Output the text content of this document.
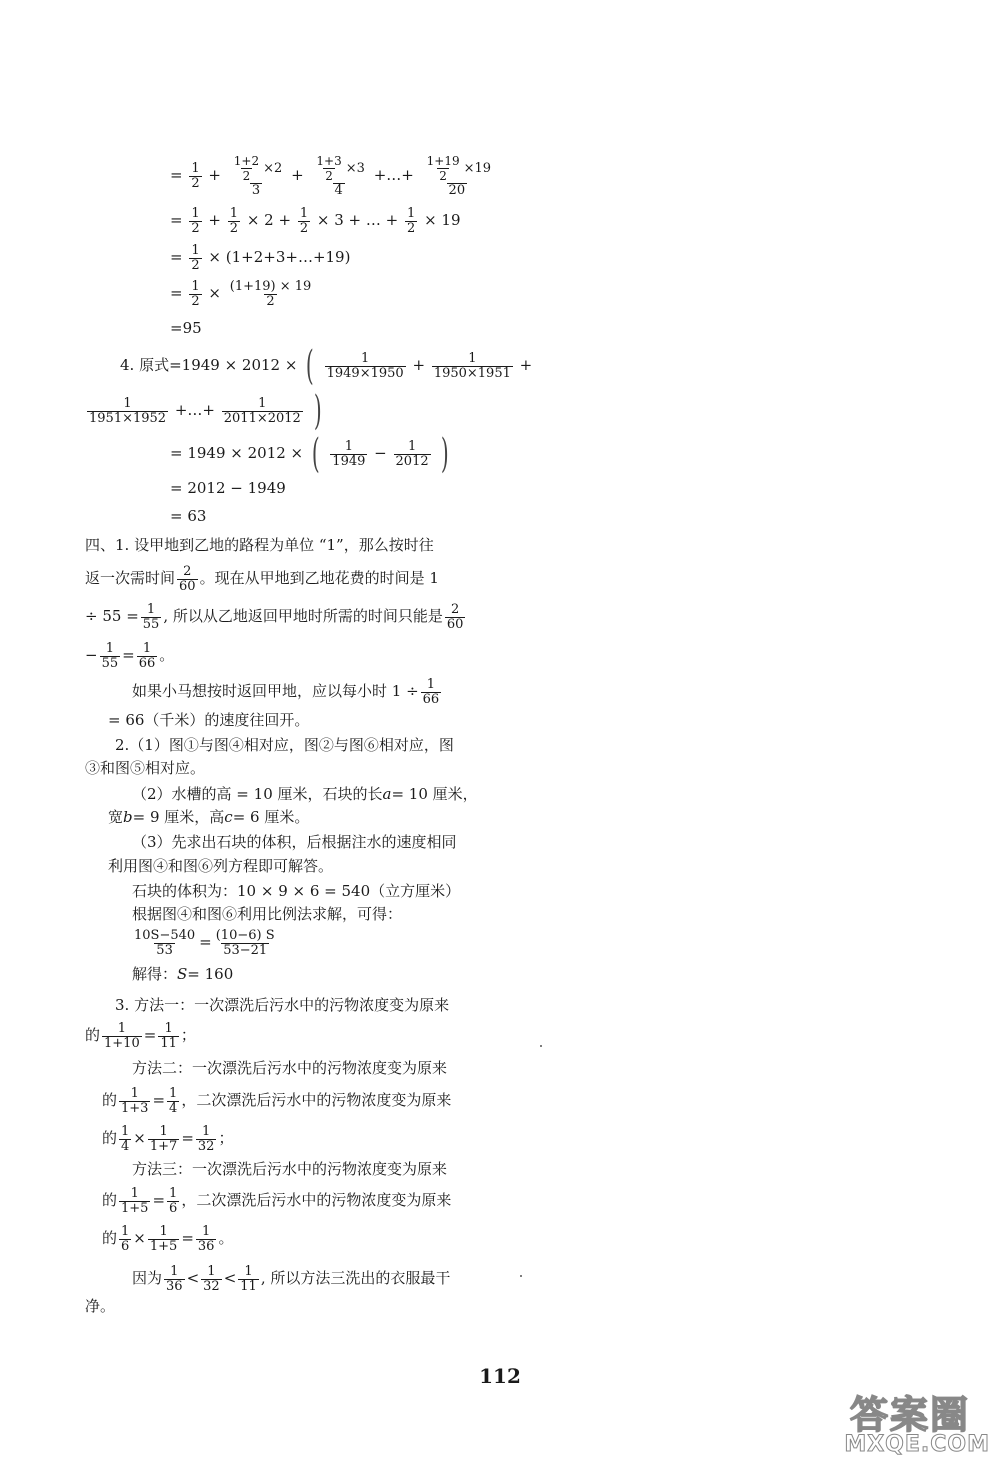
= $\frac{1}{2} + \frac{\frac{1+2}{2} \times 2}{3} + \frac{\frac{1+3}{2} \times 3}{4}$ +…+ $\frac{\frac{1+19}{2} \times 19}{20}$
= $\frac{1}{2} + \frac{1}{2} \times 2 + \frac{1}{2} \times 3$ + … + $\frac{1}{2} \times 19$
= $\frac{1}{2}$ × (1+2+3+…+19)
= $\frac{1}{2} \times \frac{(1+19) \times 19}{2}$
=95
4. 原式=1949 × 2012 × ( $\frac{1}{1949\times 1950} + \frac{1}{1950\times 1951}$ +
$\frac{1}{1951\times 1952}$ +…+ $\frac{1}{2011\times 2012}$ )
= 1949 × 2012 × ( $\frac{1}{1949} - \frac{1}{2012}$ )
= 2012 − 1949
= 63
四、1. 设甲地到乙地的路程为单位 “1”，那么按时往
返一次需时间 $\frac{2}{60}$ 。现在从甲地到乙地花费的时间是 1
÷ $55 = \frac{1}{55}$ , 所以从乙地返回甲地时所需的时间只能是 $\frac{2}{60}$
− $\frac{1}{55} = \frac{1}{66}$ 。
如果小马想按时返回甲地，应以每小时 $1 \div \frac{1}{66}$
= 66（千米）的速度往回开。
2.（1）图①与图④相对应，图②与图⑥相对应，图
③和图⑤相对应。
（2）水槽的高 = 10 厘米，石块的长a= 10 厘米，
宽b= 9 厘米，高c= 6 厘米。
（3）先求出石块的体积，后根据注水的速度相同
利用图④和图⑥列方程即可解答。
石块的体积为：10 × 9 × 6 = 540（立方厘米）
根据图④和图⑥利用比例法求解，可得：
$\frac{10S-540}{53} = \frac{(10-6) S}{53-21}$
解得：S= 160
3. 方法一：一次漂洗后污水中的污物浓度变为原来
的 $\frac{1}{1+10} = \frac{1}{11}$ ；
方法二：一次漂洗后污水中的污物浓度变为原来
的 $\frac{1}{1+3} = \frac{1}{4}$ ，二次漂洗后污水中的污物浓度变为原来
的 $\frac{1}{4} \times \frac{1}{1+7} = \frac{1}{32}$ ；
方法三：一次漂洗后污水中的污物浓度变为原来
的 $\frac{1}{1+5} = \frac{1}{6}$ ，二次漂洗后污水中的污物浓度变为原来
的 $\frac{1}{6} \times \frac{1}{1+5} = \frac{1}{36}$ 。
因为 $\frac{1}{36} < \frac{1}{32} < \frac{1}{11}$ , 所以方法三洗出的衣服最干
净。
112
答案圈
MXQE.COM
